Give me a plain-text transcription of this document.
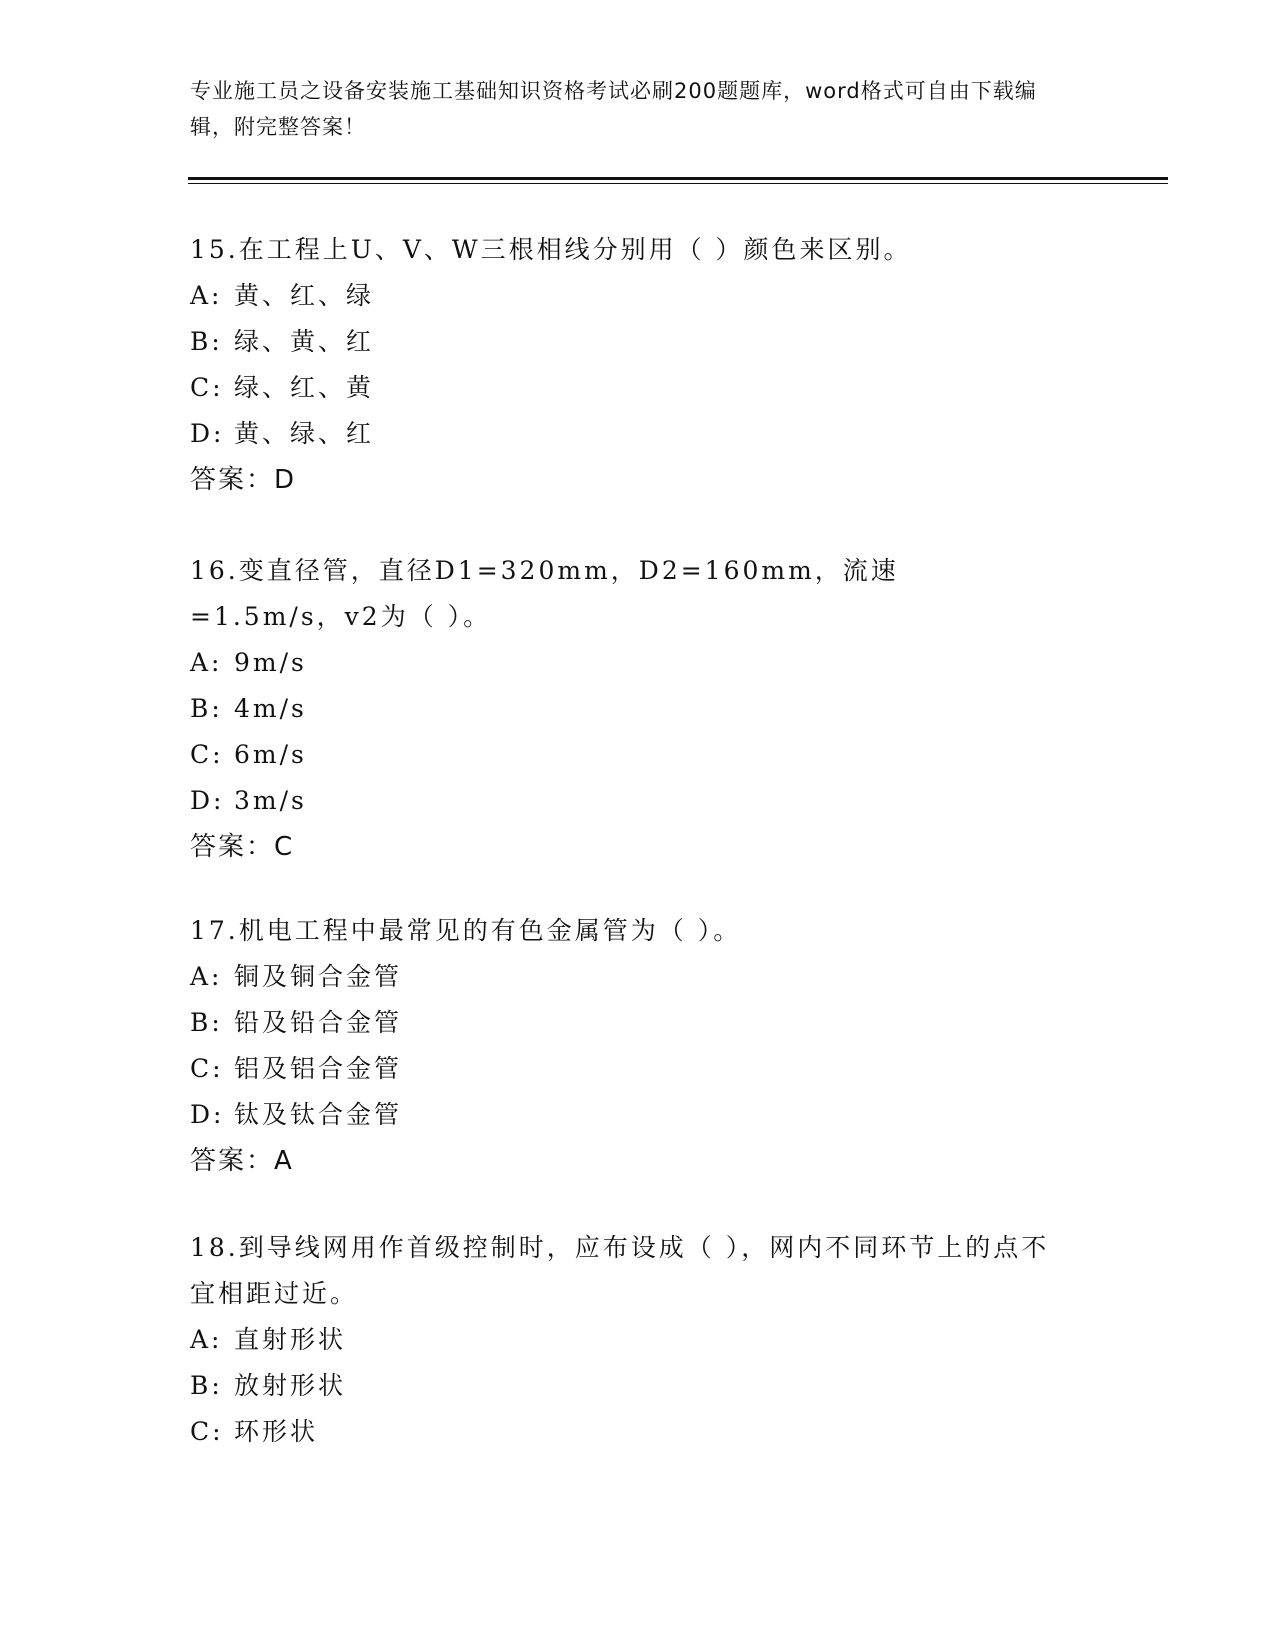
专业施工员之设备安装施工基础知识资格考试必刷200题题库，word格式可自由下载编辑，附完整答案！

15.在工程上U、V、W三根相线分别用（ ）颜色来区别。

A: 黄、红、绿
B: 绿、黄、红
C: 绿、红、黄
D: 黄、绿、红

答案：D

16.变直径管，直径D1=320mm，D2=160mm，流速=1.5m/s，v2为（ ）。

A: 9m/s
B: 4m/s
C: 6m/s
D: 3m/s

答案：C

17.机电工程中最常见的有色金属管为（ ）。

A: 铜及铜合金管
B: 铅及铅合金管
C: 铝及铝合金管
D: 钛及钛合金管

答案：A

18.到导线网用作首级控制时，应布设成（ ），网内不同环节上的点不宜相距过近。

A: 直射形状
B: 放射形状
C: 环形状
